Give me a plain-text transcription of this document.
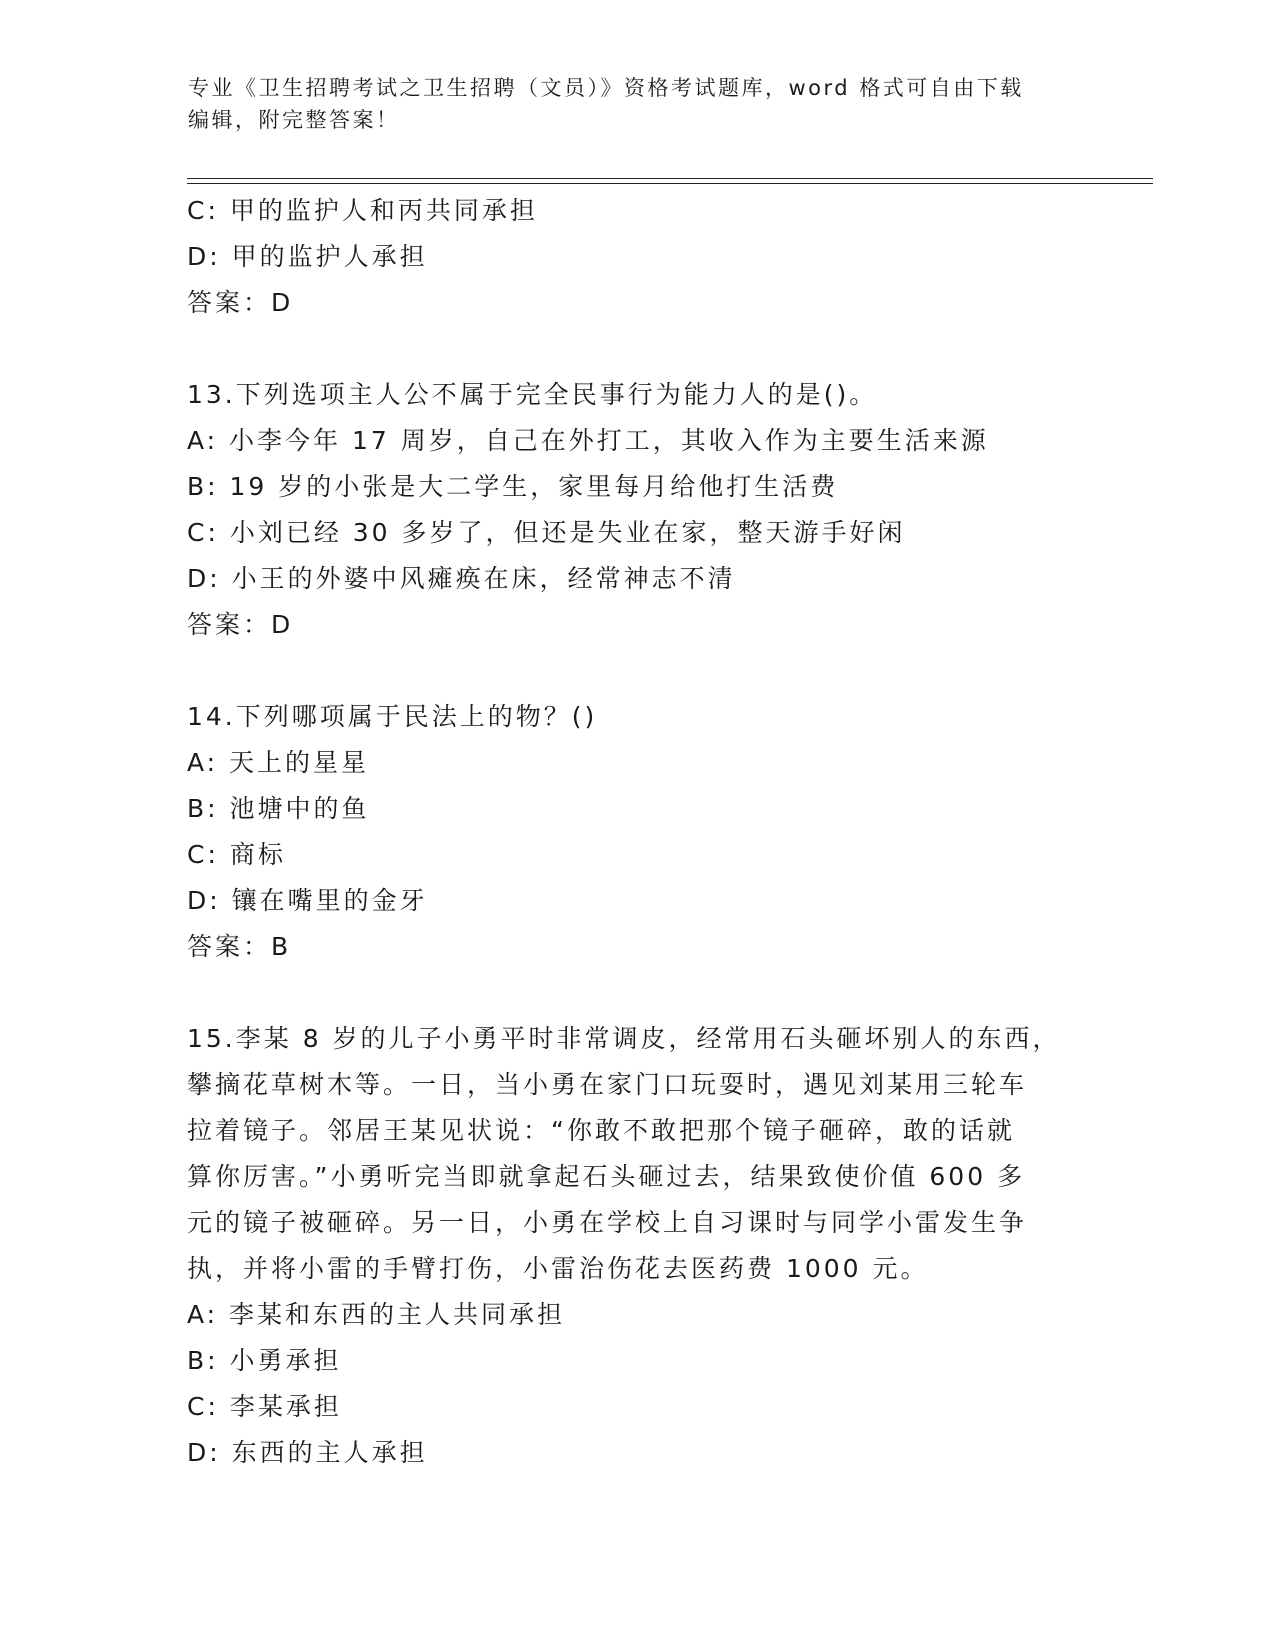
专业《卫生招聘考试之卫生招聘（文员）》资格考试题库，word 格式可自由下载
编辑，附完整答案！
C: 甲的监护人和丙共同承担
D: 甲的监护人承担
答案：D
13.下列选项主人公不属于完全民事行为能力人的是()。
A: 小李今年 17 周岁，自己在外打工，其收入作为主要生活来源
B: 19 岁的小张是大二学生，家里每月给他打生活费
C: 小刘已经 30 多岁了，但还是失业在家，整天游手好闲
D: 小王的外婆中风瘫痪在床，经常神志不清
答案：D
14.下列哪项属于民法上的物？()
A: 天上的星星
B: 池塘中的鱼
C: 商标
D: 镶在嘴里的金牙
答案：B
15.李某 8 岁的儿子小勇平时非常调皮，经常用石头砸坏别人的东西，
攀摘花草树木等。一日，当小勇在家门口玩耍时，遇见刘某用三轮车
拉着镜子。邻居王某见状说：“你敢不敢把那个镜子砸碎，敢的话就
算你厉害。”小勇听完当即就拿起石头砸过去，结果致使价值 600 多
元的镜子被砸碎。另一日，小勇在学校上自习课时与同学小雷发生争
执，并将小雷的手臂打伤，小雷治伤花去医药费 1000 元。
A: 李某和东西的主人共同承担
B: 小勇承担
C: 李某承担
D: 东西的主人承担
